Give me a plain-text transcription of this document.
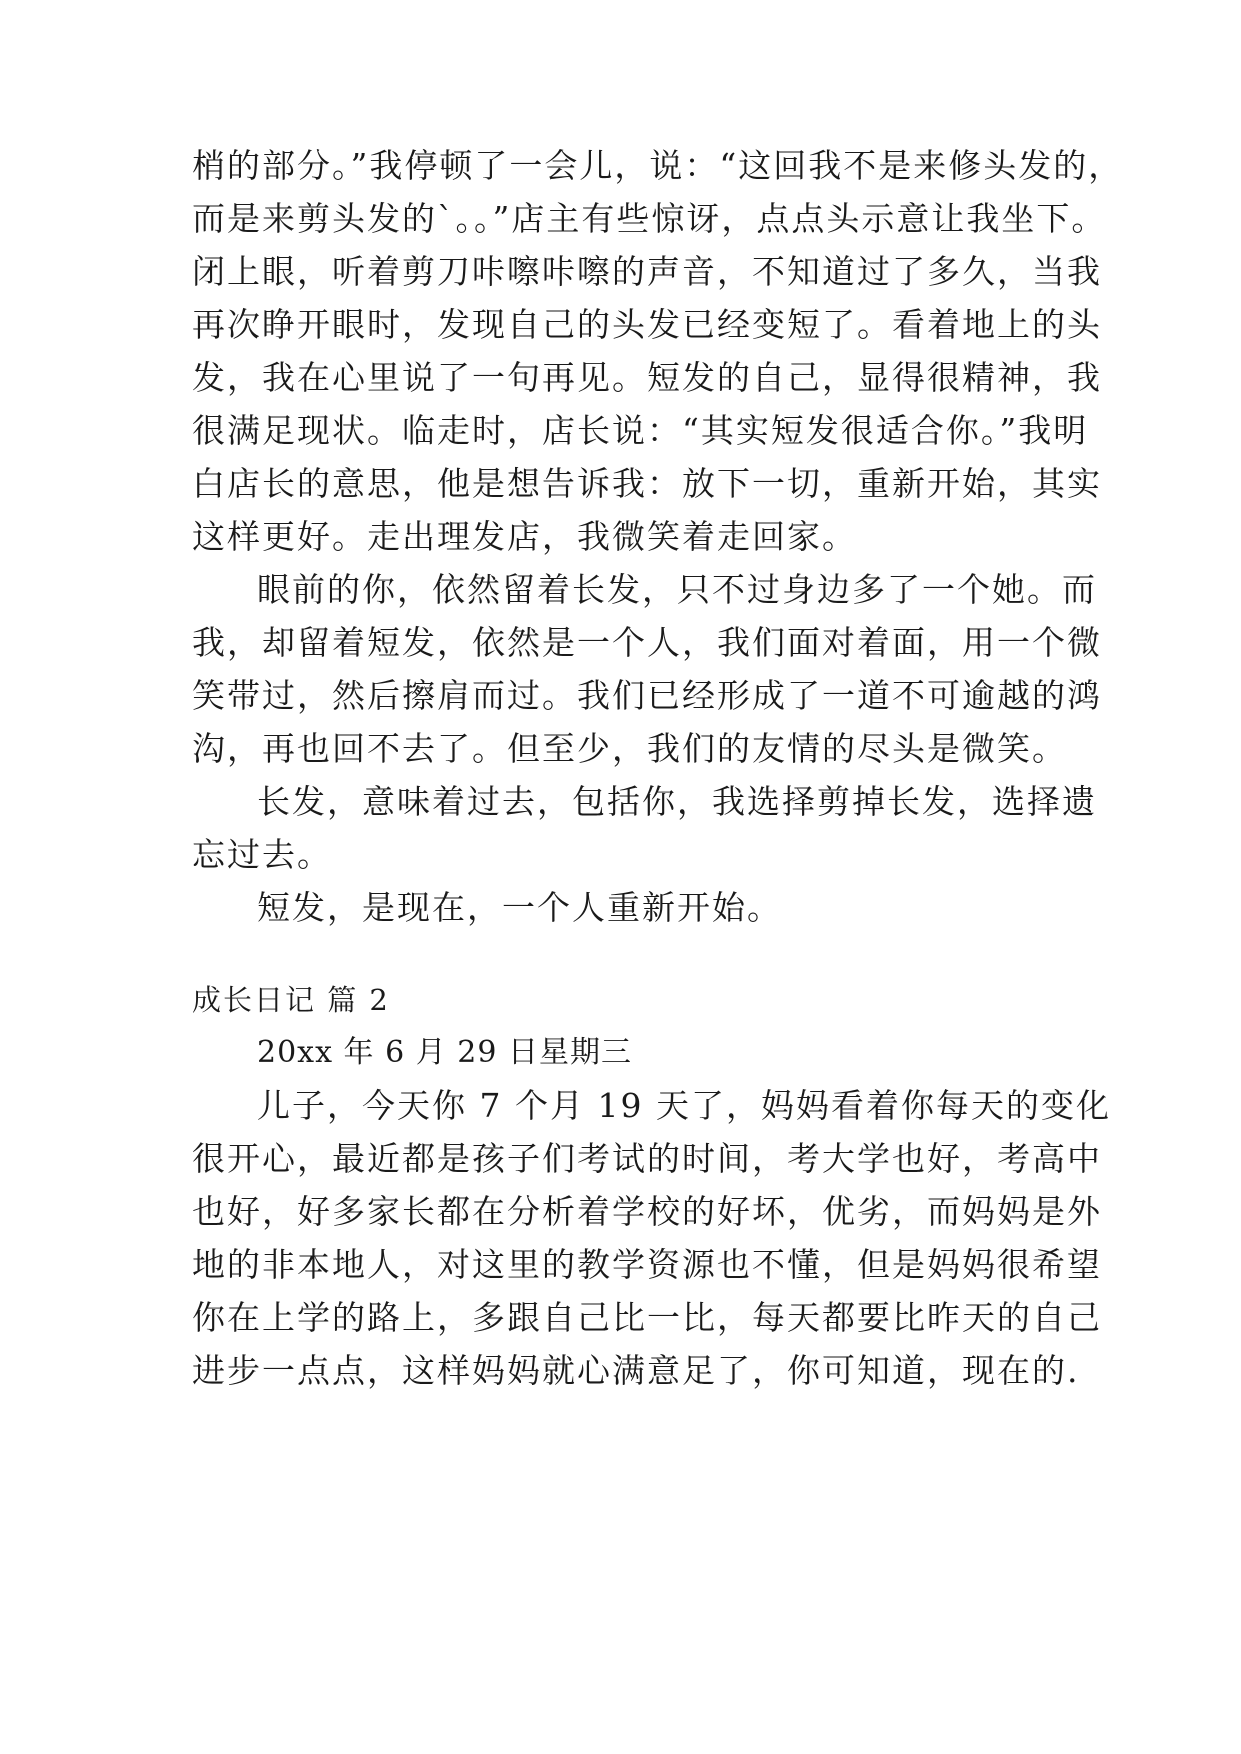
梢的部分。”我停顿了一会儿，说：“这回我不是来修头发的，

而是来剪头发的`。。”店主有些惊讶，点点头示意让我坐下。

闭上眼，听着剪刀咔嚓咔嚓的声音，不知道过了多久，当我

再次睁开眼时，发现自己的头发已经变短了。看着地上的头

发，我在心里说了一句再见。短发的自己，显得很精神，我

很满足现状。临走时，店长说：“其实短发很适合你。”我明

白店长的意思，他是想告诉我：放下一切，重新开始，其实

这样更好。走出理发店，我微笑着走回家。

眼前的你，依然留着长发，只不过身边多了一个她。而

我，却留着短发，依然是一个人，我们面对着面，用一个微

笑带过，然后擦肩而过。我们已经形成了一道不可逾越的鸿

沟，再也回不去了。但至少，我们的友情的尽头是微笑。

长发，意味着过去，包括你，我选择剪掉长发，选择遗

忘过去。

短发，是现在，一个人重新开始。

成长日记 篇 2

20xx 年 6 月 29 日星期三

儿子，今天你 7 个月 19 天了，妈妈看着你每天的变化

很开心，最近都是孩子们考试的时间，考大学也好，考高中

也好，好多家长都在分析着学校的好坏，优劣，而妈妈是外

地的非本地人，对这里的教学资源也不懂，但是妈妈很希望

你在上学的路上，多跟自己比一比，每天都要比昨天的自己

进步一点点，这样妈妈就心满意足了，你可知道，现在的.
